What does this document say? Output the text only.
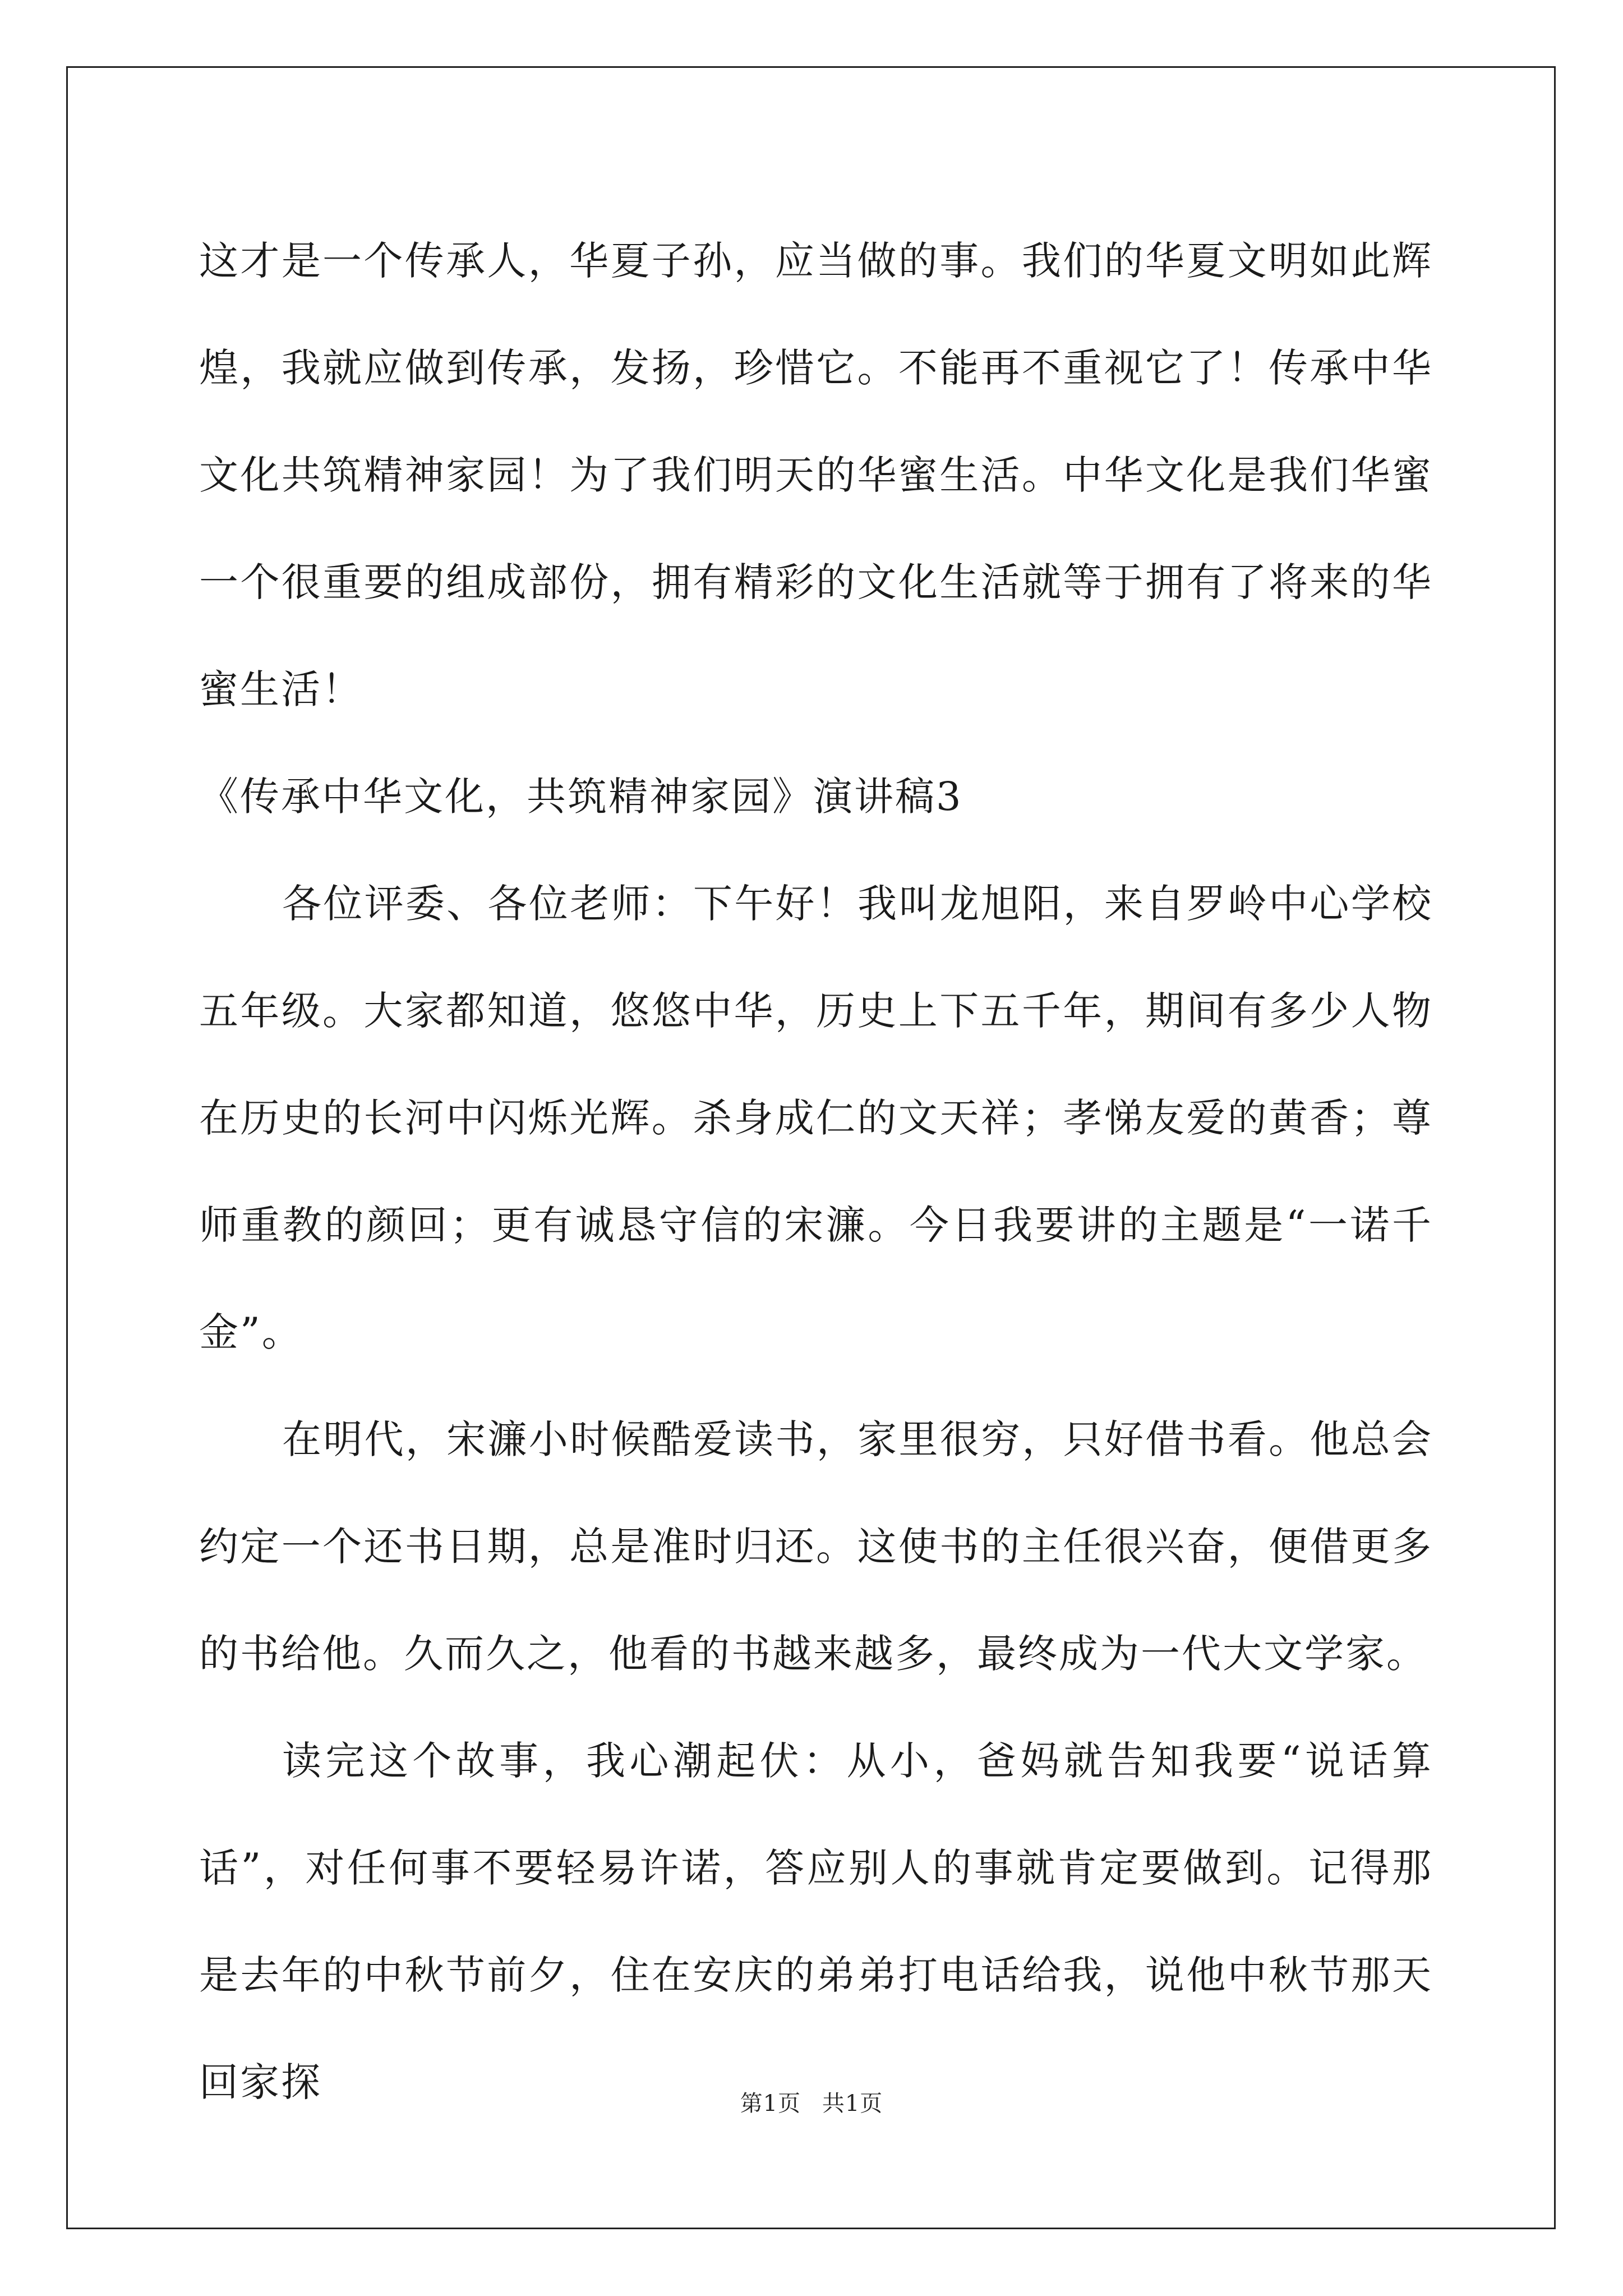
这才是一个传承人，华夏子孙，应当做的事。我们的华夏文明如此辉煌，我就应做到传承，发扬，珍惜它。不能再不重视它了！传承中华文化共筑精神家园！为了我们明天的华蜜生活。中华文化是我们华蜜一个很重要的组成部份，拥有精彩的文化生活就等于拥有了将来的华蜜生活！

《传承中华文化，共筑精神家园》演讲稿3

各位评委、各位老师：下午好！我叫龙旭阳，来自罗岭中心学校五年级。大家都知道，悠悠中华，历史上下五千年，期间有多少人物在历史的长河中闪烁光辉。杀身成仁的文天祥；孝悌友爱的黄香；尊师重教的颜回；更有诚恳守信的宋濂。今日我要讲的主题是“一诺千金”。

在明代，宋濂小时候酷爱读书，家里很穷，只好借书看。他总会约定一个还书日期，总是准时归还。这使书的主任很兴奋，便借更多的书给他。久而久之，他看的书越来越多，最终成为一代大文学家。

读完这个故事，我心潮起伏：从小，爸妈就告知我要“说话算话”，对任何事不要轻易许诺，答应别人的事就肯定要做到。记得那是去年的中秋节前夕，住在安庆的弟弟打电话给我，说他中秋节那天回家探	第1页 共1页
